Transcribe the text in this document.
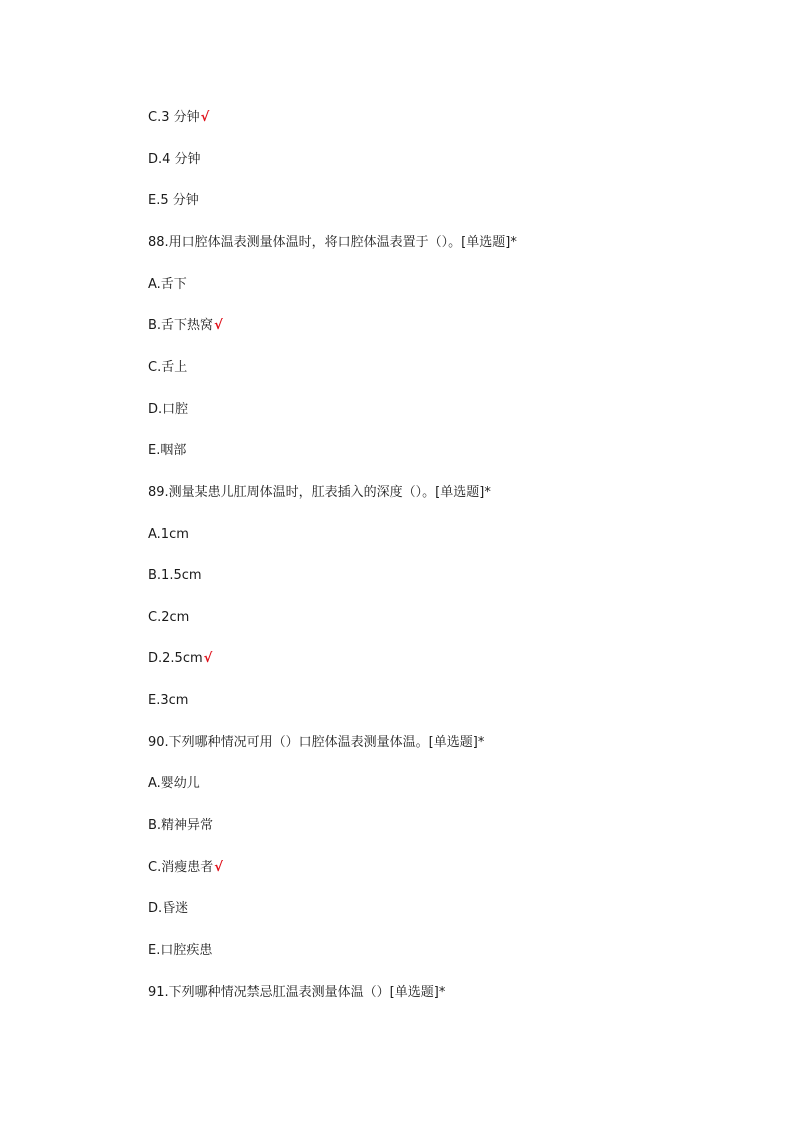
C.3 分钟√
D.4 分钟
E.5 分钟
88.用口腔体温表测量体温时，将口腔体温表置于（）。[单选题]*
A.舌下
B.舌下热窝√
C.舌上
D.口腔
E.咽部
89.测量某患儿肛周体温时，肛表插入的深度（）。[单选题]*
A.1cm
B.1.5cm
C.2cm
D.2.5cm√
E.3cm
90.下列哪种情况可用（）口腔体温表测量体温。[单选题]*
A.婴幼儿
B.精神异常
C.消瘦患者√
D.昏迷
E.口腔疾患
91.下列哪种情况禁忌肛温表测量体温（）[单选题]*
